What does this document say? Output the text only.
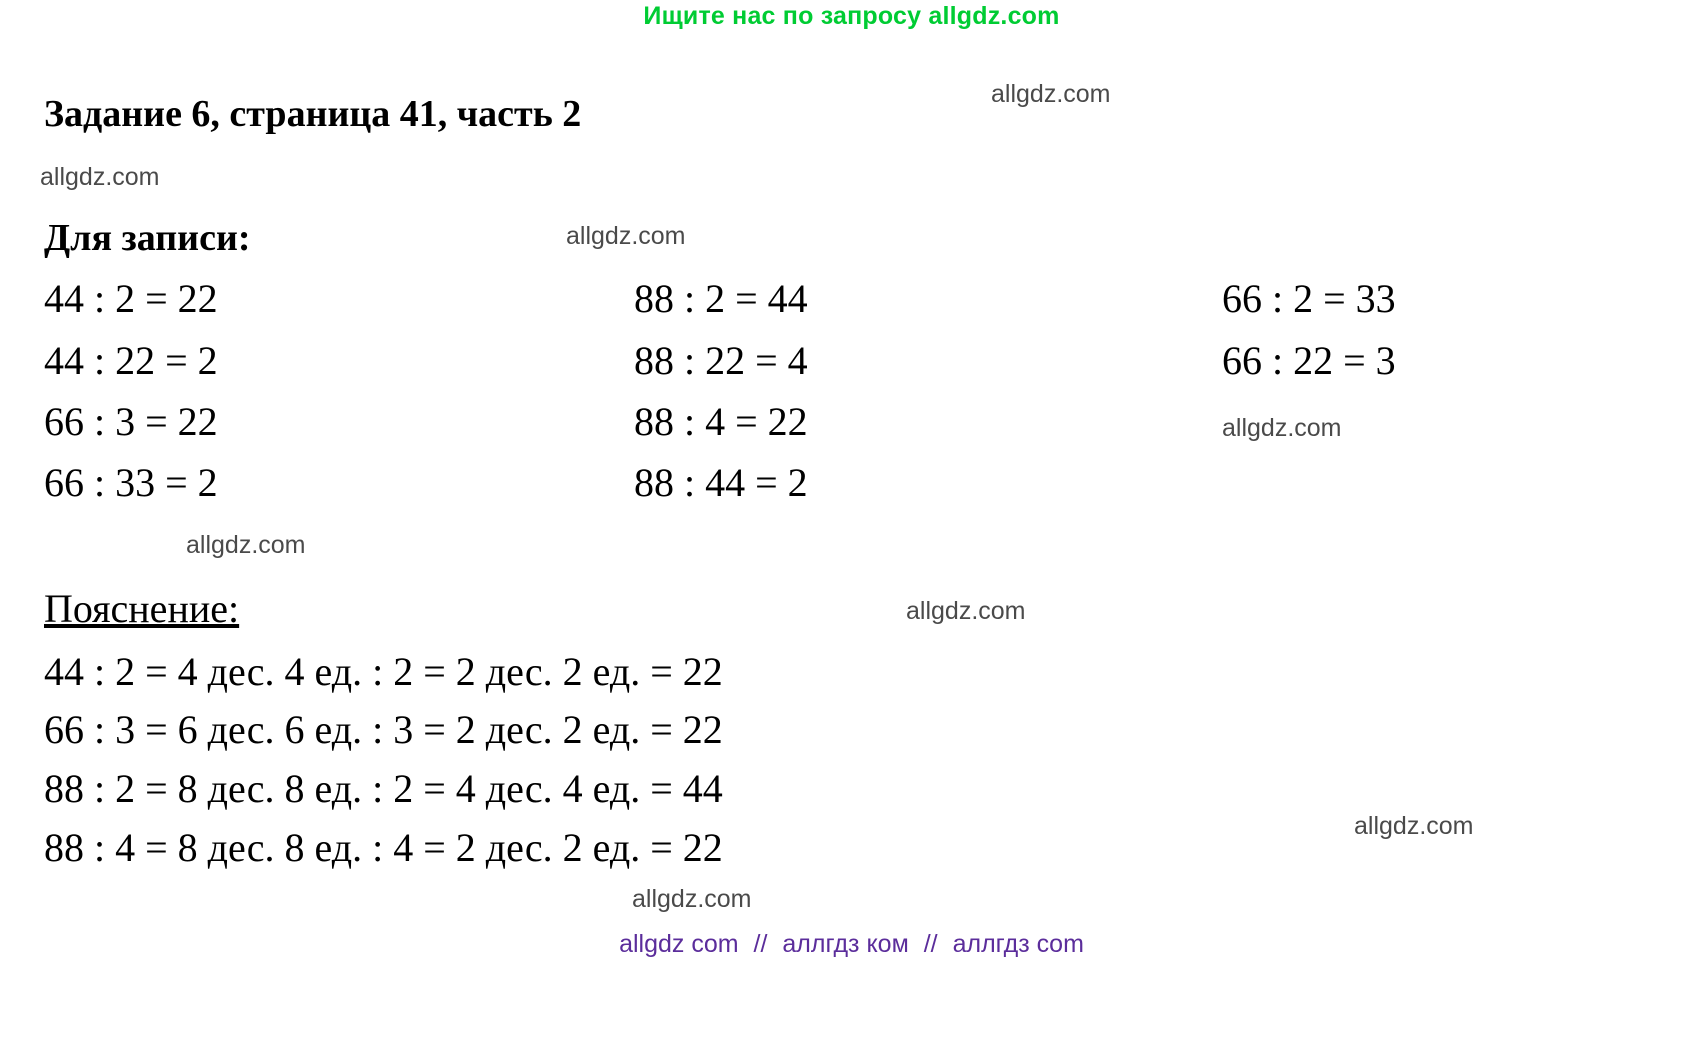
Ищите нас по запросу allgdz.com
Задание 6, страница 41, часть 2	allgdz.com
allgdz.com
allgdz.com
allgdz.com
allgdz.com
allgdz.com
allgdz.com
allgdz.com
Для записи:
44 : 2 = 22
44 : 22 = 2
66 : 3 = 22
66 : 33 = 2
88 : 2 = 44
88 : 22 = 4
88 : 4 = 22
88 : 44 = 2
66 : 2 = 33
66 : 22 = 3
Пояснение:
44 : 2 = 4 дес. 4 ед. : 2 = 2 дес. 2 ед. = 22
66 : 3 = 6 дес. 6 ед. : 3 = 2 дес. 2 ед. = 22
88 : 2 = 8 дес. 8 ед. : 2 = 4 дес. 4 ед. = 44
88 : 4 = 8 дес. 8 ед. : 4 = 2 дес. 2 ед. = 22
allgdz com // аллгдз ком // аллгдз com
